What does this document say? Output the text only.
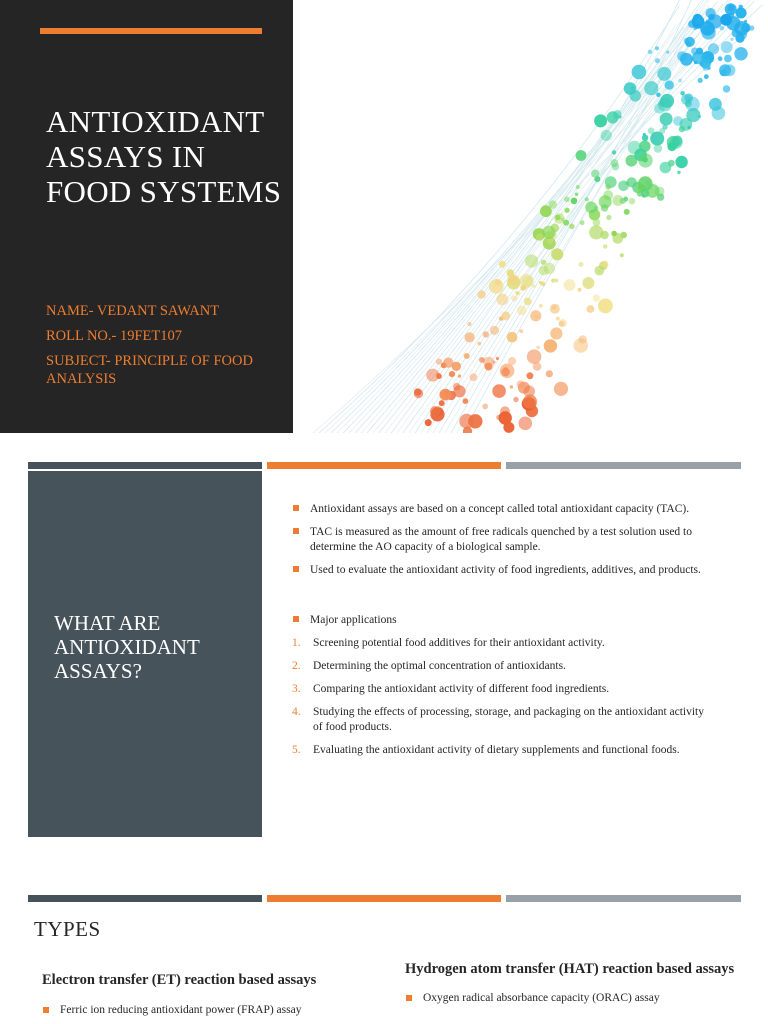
ANTIOXIDANT ASSAYS IN FOOD SYSTEMS
NAME- VEDANT SAWANT
ROLL NO.- 19FET107
SUBJECT- PRINCIPLE OF FOOD ANALYSIS
WHAT ARE ANTIOXIDANT ASSAYS?
Antioxidant assays are based on a concept called total antioxidant capacity (TAC).
TAC is measured as the amount of free radicals quenched by a test solution used to determine the AO capacity of a biological sample.
Used to evaluate the antioxidant activity of food ingredients, additives, and products.
Major applications
1. Screening potential food additives for their antioxidant activity.
2. Determining the optimal concentration of antioxidants.
3. Comparing the antioxidant activity of different food ingredients.
4. Studying the effects of processing, storage, and packaging on the antioxidant activity of food products.
5. Evaluating the antioxidant activity of dietary supplements and functional foods.
TYPES
Electron transfer (ET) reaction based assays
Ferric ion reducing antioxidant power (FRAP) assay
Hydrogen atom transfer (HAT) reaction based assays
Oxygen radical absorbance capacity (ORAC) assay
